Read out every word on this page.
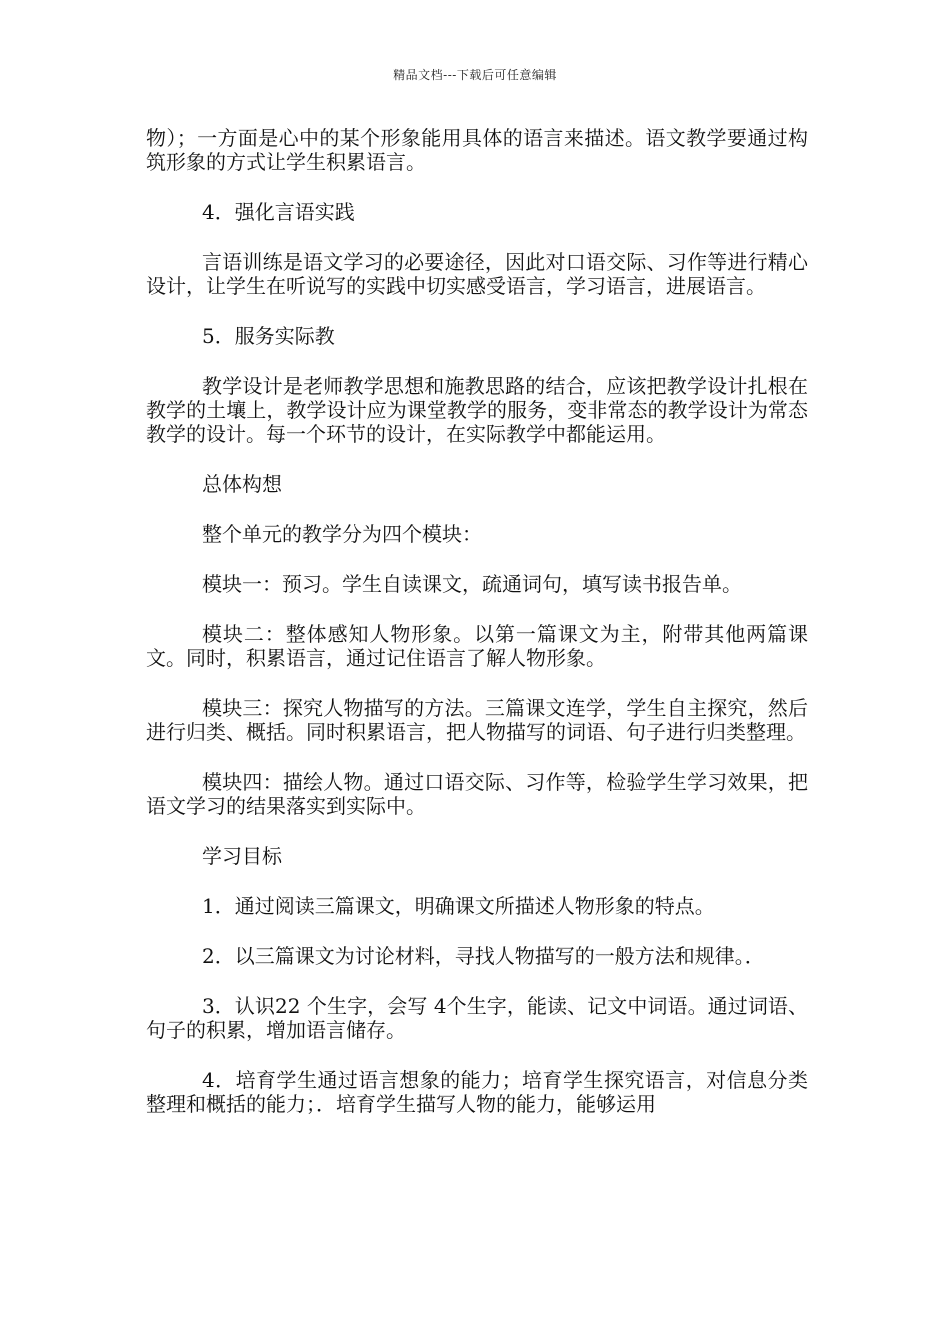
精品文档---下载后可任意编辑

物）；一方面是心中的某个形象能用具体的语言来描述。语文教学要通过构筑形象的方式让学生积累语言。

4．强化言语实践

言语训练是语文学习的必要途径，因此对口语交际、习作等进行精心设计，让学生在听说写的实践中切实感受语言，学习语言，进展语言。

5．服务实际教

教学设计是老师教学思想和施教思路的结合，应该把教学设计扎根在教学的土壤上，教学设计应为课堂教学的服务，变非常态的教学设计为常态教学的设计。每一个环节的设计，在实际教学中都能运用。

总体构想

整个单元的教学分为四个模块：

模块一：预习。学生自读课文，疏通词句，填写读书报告单。

模块二：整体感知人物形象。以第一篇课文为主，附带其他两篇课文。同时，积累语言，通过记住语言了解人物形象。

模块三：探究人物描写的方法。三篇课文连学，学生自主探究，然后进行归类、概括。同时积累语言，把人物描写的词语、句子进行归类整理。

模块四：描绘人物。通过口语交际、习作等，检验学生学习效果，把语文学习的结果落实到实际中。

学习目标

1．通过阅读三篇课文，明确课文所描述人物形象的特点。

2．以三篇课文为讨论材料，寻找人物描写的一般方法和规律。．

3．认识22 个生字，会写 4个生字，能读、记文中词语。通过词语、句子的积累，增加语言储存。

4．培育学生通过语言想象的能力；培育学生探究语言，对信息分类整理和概括的能力；．培育学生描写人物的能力，能够运用
